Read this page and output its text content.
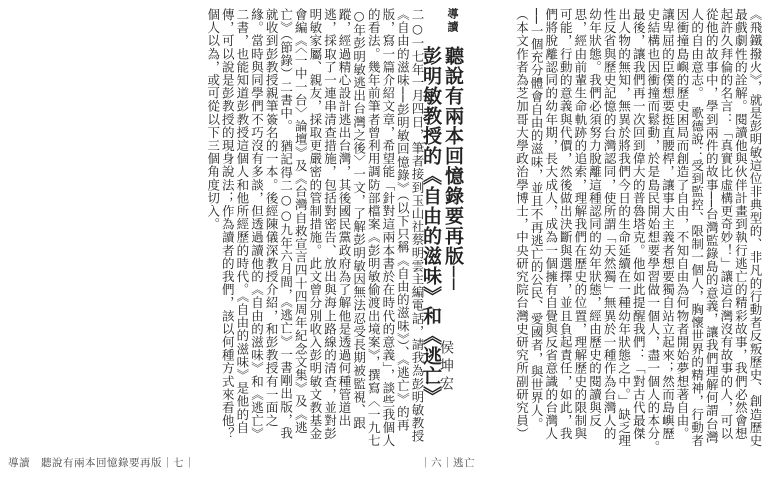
二○一七年一月四日，筆者接到玉山社蔡明雲主編電話，請我為彭明敏教授《自由的滋味──彭明敏回憶錄》（以下只稱《自由的滋味》）、《逃亡》的再版，寫一篇介紹文章，希望能「針對這兩本書於在時代的意義」，談些我個人的看法。幾年前筆者曾利用調防部檔案《彭明敏偷渡出境案》，撰寫〈一九七○年彭明敏逃出台灣之後〉一文，了解彭明敏因無法忍受長期被監視、跟蹤，經過精心設計逃出台灣，其後國民黨政府為了解他是透過何種管道出逃，採取了一連串清查措施，包括對密告、放出與海上路線的清查，並對彭明敏家屬、親友，採取更嚴密的管制措施。此文曾分別收入彭明敏文教基金會編《〈一中一台〉論壇》及《台灣自救宣言四十四周年紀念文集》及《逃亡》（節錄）二書中。　猶記得二○○九年六月間，《逃亡》一書剛出版，我就收到彭教授親筆簽名的一本。後經陳儀深教授介紹，和彭教授有一面之緣。當時與同學們不巧沒有多談，但透過讀他的《自由的滋味》和《逃亡》二書，也能知道彭教授這個人和他所經歷的時代。《自由的滋味》是他的自傳，可以說是彭教授的現身說法；作為讀者的我們，該以何種方式來看他？個人以為，或可從以下三個角度切入。	導讀
聽說有兩本回憶錄要再版──
彭明敏教授的《自由的滋味》和《逃亡》
侯坤宏
導讀　聽說有兩本回憶錄要再版｜七｜
《飛鐵撥火》，就是彭明敏這位非典型的、非凡的行動者反叛歷史、創造歷史最戲劇性的詮解。閱讀他與伙伴計畫到執行逃亡的精彩故事，我們必然會想起許久拜倫的名言：「真實比虛構更奇妙！」讓這台灣沒有故事的人，可以從他的故事中，學到兩件的故事──台灣監錄島的意義，讓我們理解何謂台灣人的自由意志。　歌德說：受到監控、限制一個人，胸懷世界的精神，行動者因衝撞島嶼的歷史困局而創造了自由，不知自由為何物者開始夢想著自由。讓卑屈的臣僕想要挺直腰桿，讓事大主義者想要獨自站立起來；然而島嶼歷史結構也因衝撞而鬆動，於是島民開始想要學習做一個人，盡一個人的本分。　最後，讓我們再一次回到偉大的普魯塔克。他如此提醒我們：「對古代最傑出人物的無知，無異於將我們今日的生命延續在一種幼年狀態之中。」缺乏理性反省與歷史記憶的台灣認同，使所謂「天然獨」無異於一種作為台灣人的幼年狀態。我們必須努力脫離這種認同的幼年狀態，經由歷史的閱讀與反思，經由前輩生命軌跡的追索，理解我們在歷史的位置，理解歷史的限制與可能，行動的意義與代價，然後做出決斷與選擇，並且負起責任，如此，我們將脫離認同的幼年期，長大成人，成為一個擁有自覺與反省意識的台灣人──一個充分體會自由的滋味，並且不再逃亡的公民、愛國者，與世界人。　（本文作者為芝加哥大學政治學博士，中央研究院台灣史研究所副研究員）
｜六｜逃亡
